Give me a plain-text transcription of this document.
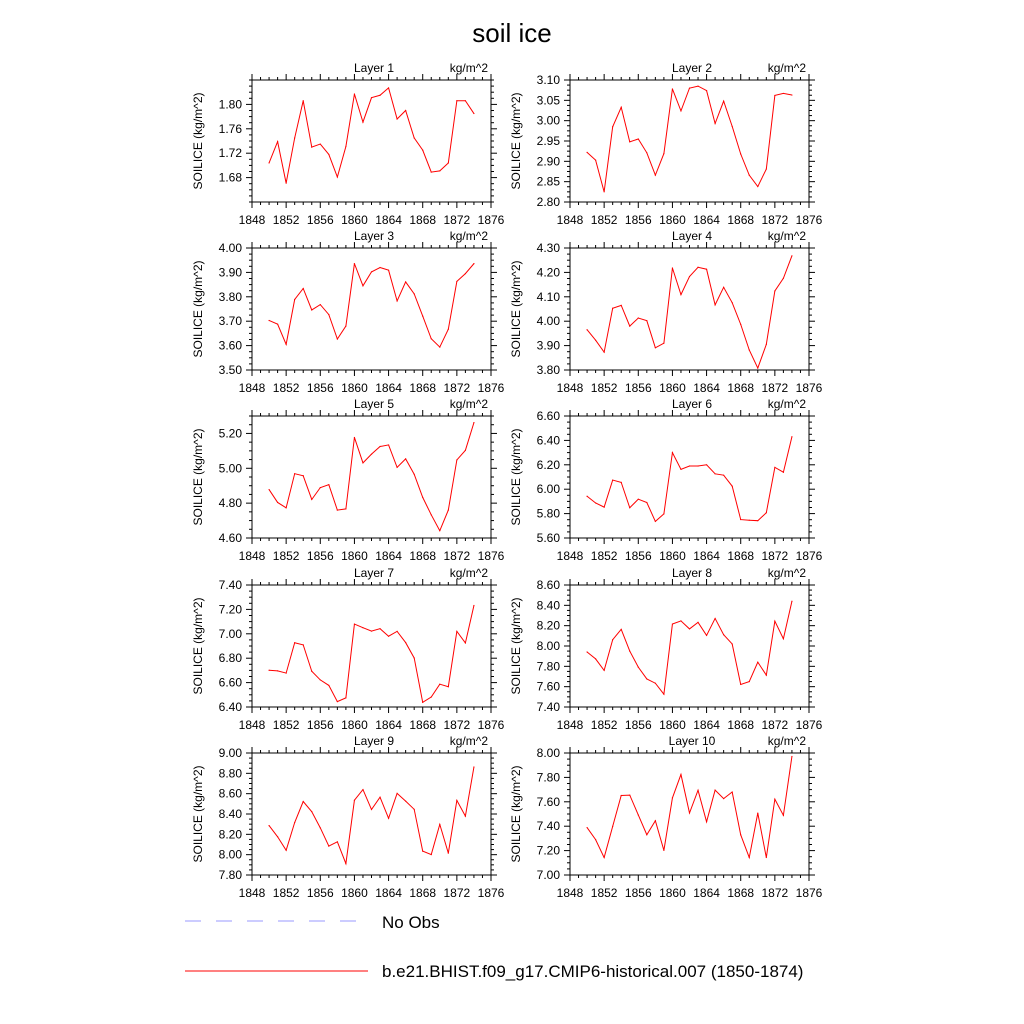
soil ice
Layer 1	kg/m^2
SOILICE (kg/m^2)
1848 1852 1856 1860 1864 1868 1872 1876
1.68
1.72
1.76
1.80
Layer 2	kg/m^2
SOILICE (kg/m^2)
1848 1852 1856 1860 1864 1868 1872 1876
2.80
2.85
2.90
2.95
3.00
3.05
3.10
Layer 3	kg/m^2
SOILICE (kg/m^2)
1848 1852 1856 1860 1864 1868 1872 1876
3.50
3.60
3.70
3.80
3.90
4.00
Layer 4	kg/m^2
SOILICE (kg/m^2)
1848 1852 1856 1860 1864 1868 1872 1876
3.80
3.90
4.00
4.10
4.20
4.30
Layer 5	kg/m^2
SOILICE (kg/m^2)
1848 1852 1856 1860 1864 1868 1872 1876
4.60
4.80
5.00
5.20
Layer 6	kg/m^2
SOILICE (kg/m^2)
1848 1852 1856 1860 1864 1868 1872 1876
5.60
5.80
6.00
6.20
6.40
6.60
Layer 7	kg/m^2
SOILICE (kg/m^2)
1848 1852 1856 1860 1864 1868 1872 1876
6.40
6.60
6.80
7.00
7.20
7.40
Layer 8	kg/m^2
SOILICE (kg/m^2)
1848 1852 1856 1860 1864 1868 1872 1876
7.40
7.60
7.80
8.00
8.20
8.40
8.60
Layer 9	kg/m^2
SOILICE (kg/m^2)
1848 1852 1856 1860 1864 1868 1872 1876
7.80
8.00
8.20
8.40
8.60
8.80
9.00
Layer 10	kg/m^2
SOILICE (kg/m^2)
1848 1852 1856 1860 1864 1868 1872 1876
7.00
7.20
7.40
7.60
7.80
8.00
No Obs
b.e21.BHIST.f09_g17.CMIP6-historical.007 (1850-1874)
